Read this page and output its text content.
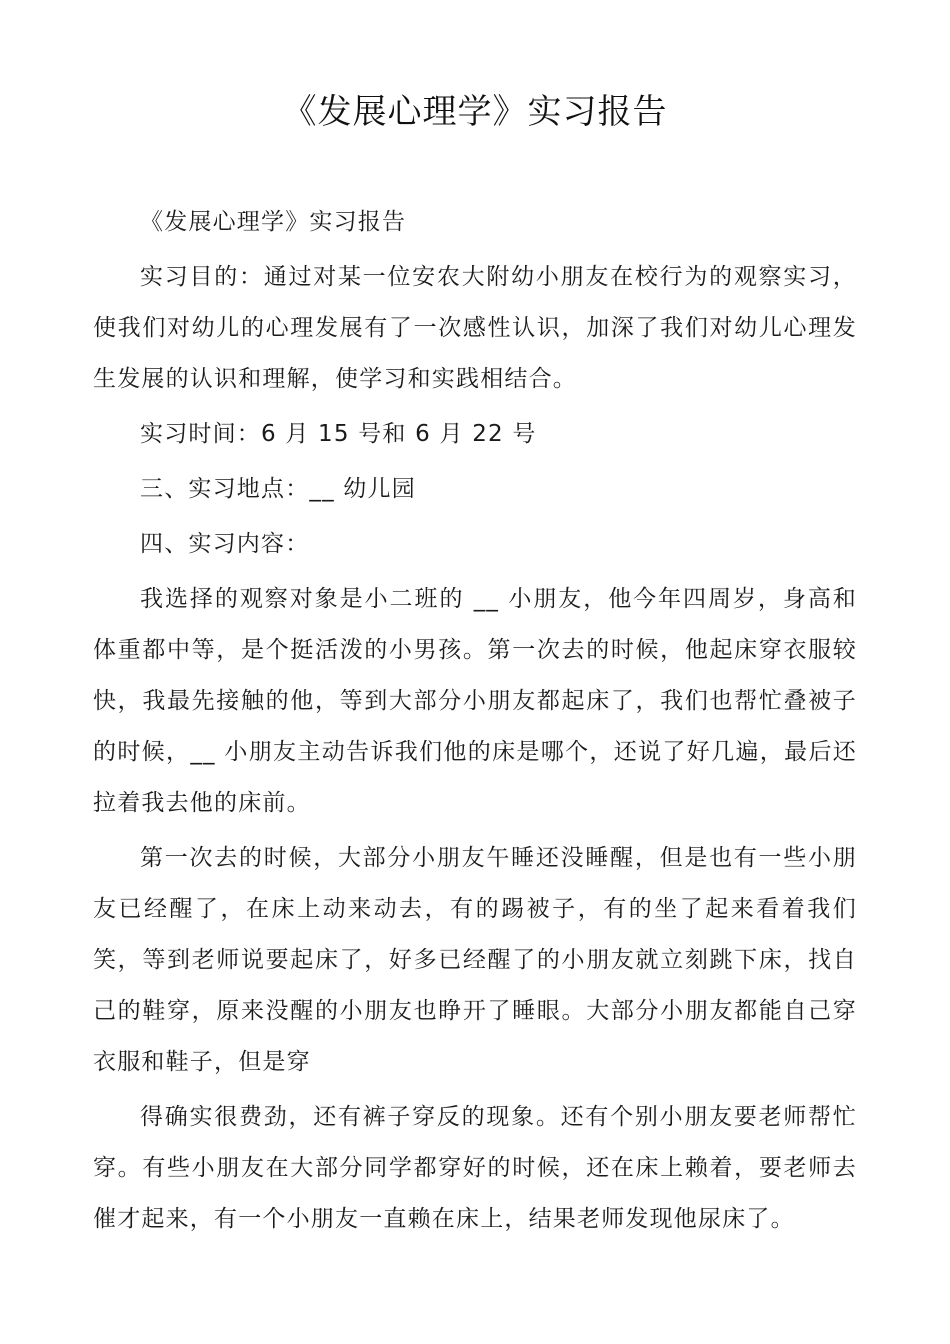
《发展心理学》实习报告

《发展心理学》实习报告

实习目的：通过对某一位安农大附幼小朋友在校行为的观察实习，使我们对幼儿的心理发展有了一次感性认识，加深了我们对幼儿心理发生发展的认识和理解，使学习和实践相结合。

实习时间：6 月 15 号和 6 月 22 号

三、实习地点：__ 幼儿园

四、实习内容：

我选择的观察对象是小二班的 __ 小朋友，他今年四周岁，身高和体重都中等，是个挺活泼的小男孩。第一次去的时候，他起床穿衣服较快，我最先接触的他，等到大部分小朋友都起床了，我们也帮忙叠被子的时候，__ 小朋友主动告诉我们他的床是哪个，还说了好几遍，最后还拉着我去他的床前。

第一次去的时候，大部分小朋友午睡还没睡醒，但是也有一些小朋友已经醒了，在床上动来动去，有的踢被子，有的坐了起来看着我们笑，等到老师说要起床了，好多已经醒了的小朋友就立刻跳下床，找自己的鞋穿，原来没醒的小朋友也睁开了睡眼。大部分小朋友都能自己穿衣服和鞋子，但是穿

得确实很费劲，还有裤子穿反的现象。还有个别小朋友要老师帮忙穿。有些小朋友在大部分同学都穿好的时候，还在床上赖着，要老师去催才起来，有一个小朋友一直赖在床上，结果老师发现他尿床了。
